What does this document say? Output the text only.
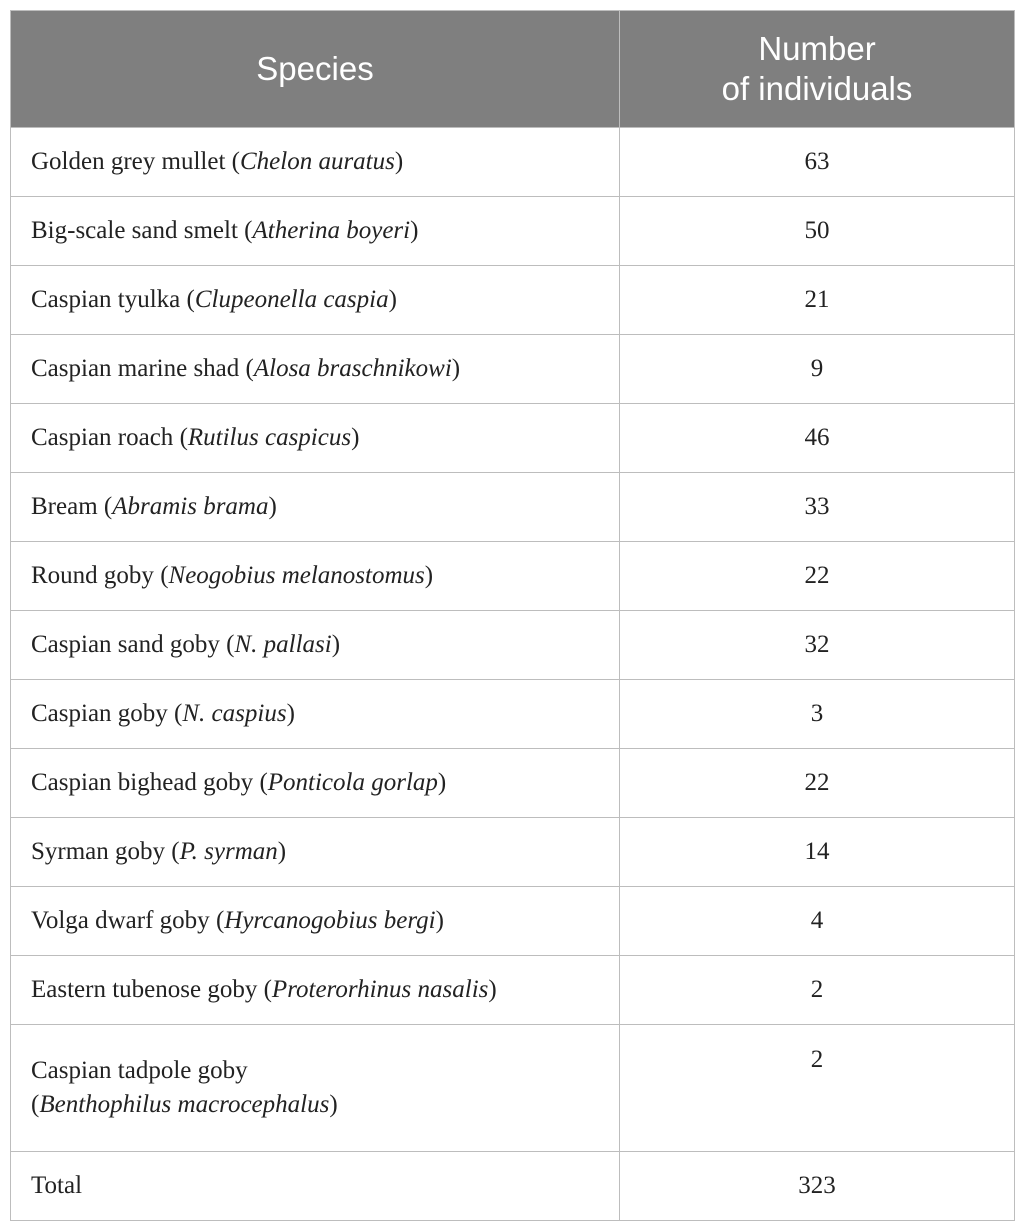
Species	Number
of individuals

Golden grey mullet (Chelon auratus)	63
Big-scale sand smelt (Atherina boyeri)	50
Caspian tyulka (Clupeonella caspia)	21
Caspian marine shad (Alosa braschnikowi)	9
Caspian roach (Rutilus caspicus)	46
Bream (Abramis brama)	33
Round goby (Neogobius melanostomus)	22
Caspian sand goby (N. pallasi)	32
Caspian goby (N. caspius)	3
Caspian bighead goby (Ponticola gorlap)	22
Syrman goby (P. syrman)	14
Volga dwarf goby (Hyrcanogobius bergi)	4
Eastern tubenose goby (Proterorhinus nasalis)	2

Caspian tadpole goby
(Benthophilus macrocephalus)	2
Total	323
